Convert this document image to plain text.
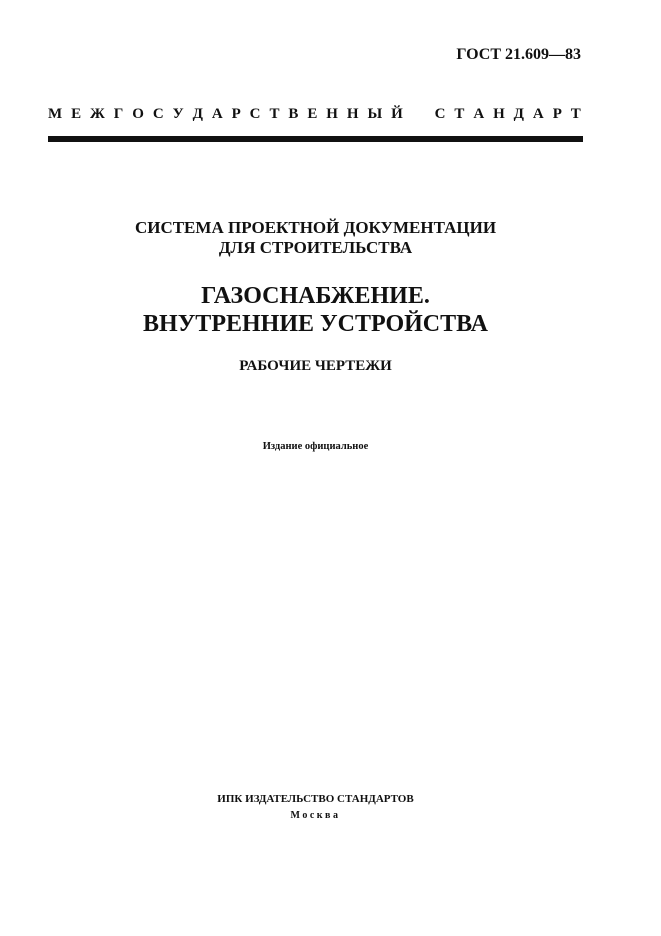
ГОСТ 21.609—83
М Е Ж Г О С У Д А Р С Т В Е Н Н Ы Й С Т А Н Д А Р Т
СИСТЕМА ПРОЕКТНОЙ ДОКУМЕНТАЦИИ
ДЛЯ СТРОИТЕЛЬСТВА
ГАЗОСНАБЖЕНИЕ.
ВНУТРЕННИЕ УСТРОЙСТВА
РАБОЧИЕ ЧЕРТЕЖИ
Издание официальное
ИПК ИЗДАТЕЛЬСТВО СТАНДАРТОВ
Москва
